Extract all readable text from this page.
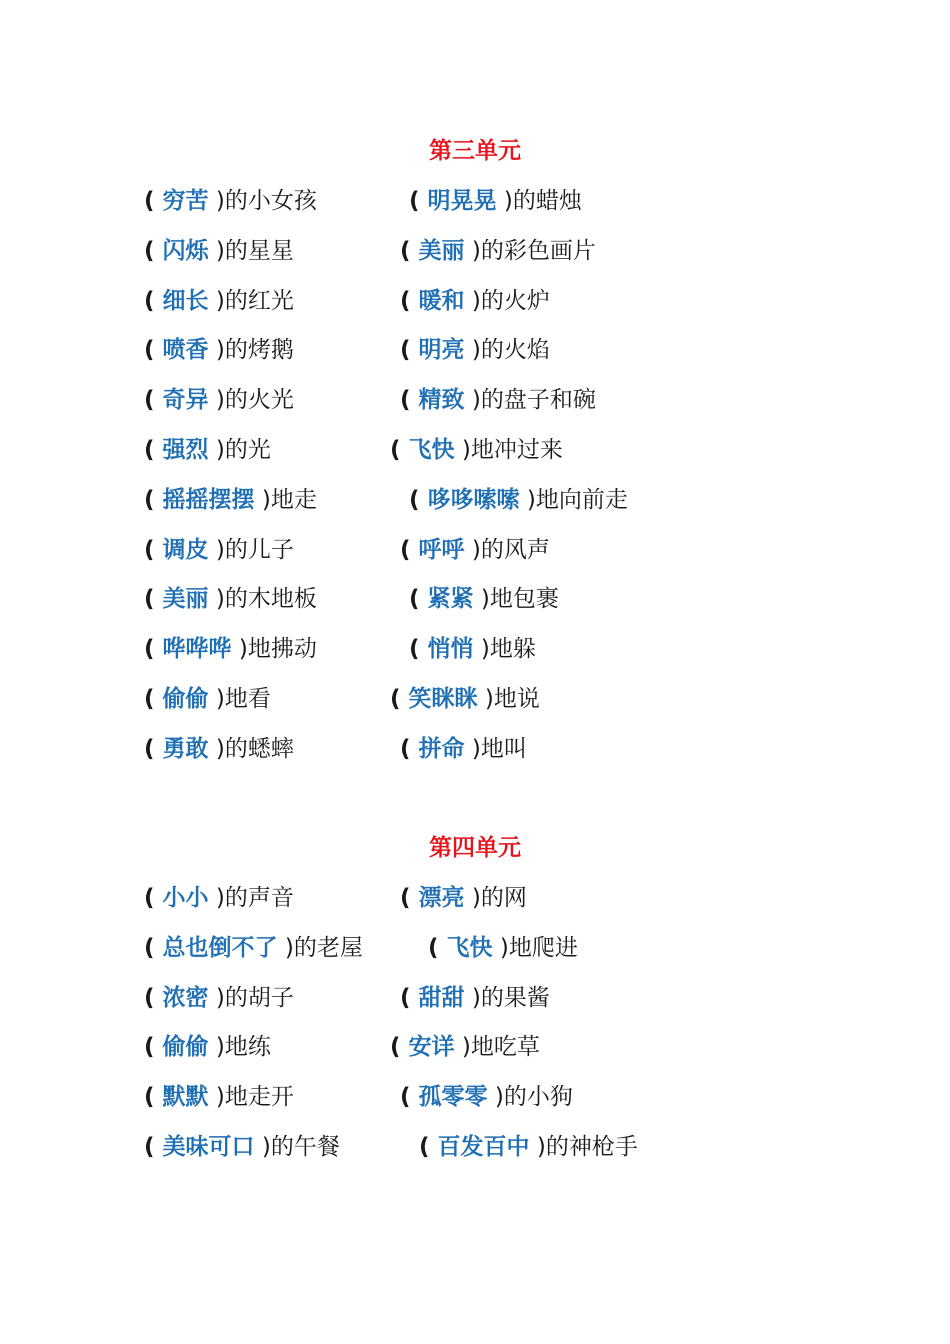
第三单元
( 穷苦 )的小女孩	( 明晃晃 )的蜡烛
( 闪烁 )的星星	( 美丽 )的彩色画片
( 细长 )的红光	( 暖和 )的火炉
( 喷香 )的烤鹅	( 明亮 )的火焰
( 奇异 )的火光	( 精致 )的盘子和碗
( 强烈 )的光	( 飞快 )地冲过来
( 摇摇摆摆 )地走	( 哆哆嗦嗦 )地向前走
( 调皮 )的儿子	( 呼呼 )的风声
( 美丽 )的木地板	( 紧紧 )地包裹
( 哗哗哗 )地拂动	( 悄悄 )地躲
( 偷偷 )地看	( 笑眯眯 )地说
( 勇敢 )的蟋蟀	( 拼命 )地叫
第四单元
( 小小 )的声音	( 漂亮 )的网
( 总也倒不了 )的老屋	( 飞快 )地爬进
( 浓密 )的胡子	( 甜甜 )的果酱
( 偷偷 )地练	( 安详 )地吃草
( 默默 )地走开	( 孤零零 )的小狗
( 美味可口 )的午餐	( 百发百中 )的神枪手
